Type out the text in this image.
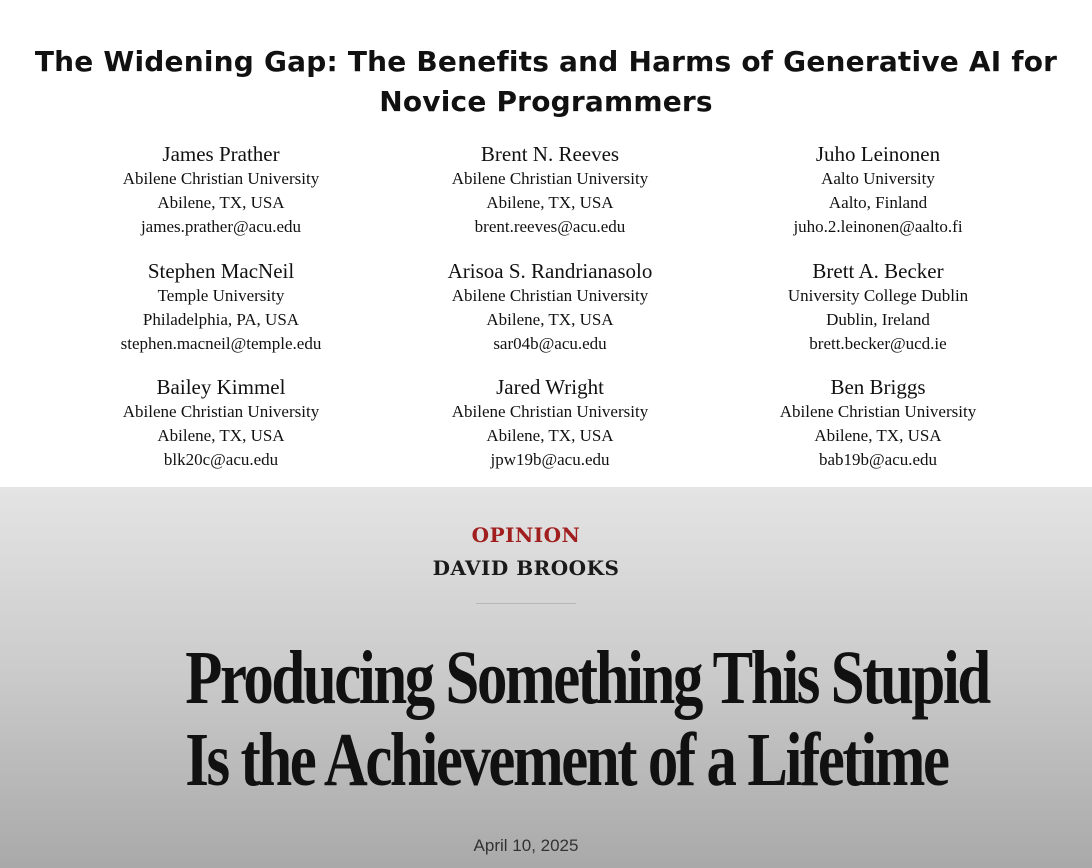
The Widening Gap: The Benefits and Harms of Generative AI for
Novice Programmers
James Prather
Abilene Christian University
Abilene, TX, USA
james.prather@acu.edu
Brent N. Reeves
Abilene Christian University
Abilene, TX, USA
brent.reeves@acu.edu
Juho Leinonen
Aalto University
Aalto, Finland
juho.2.leinonen@aalto.fi
Stephen MacNeil
Temple University
Philadelphia, PA, USA
stephen.macneil@temple.edu
Arisoa S. Randrianasolo
Abilene Christian University
Abilene, TX, USA
sar04b@acu.edu
Brett A. Becker
University College Dublin
Dublin, Ireland
brett.becker@ucd.ie
Bailey Kimmel
Abilene Christian University
Abilene, TX, USA
blk20c@acu.edu
Jared Wright
Abilene Christian University
Abilene, TX, USA
jpw19b@acu.edu
Ben Briggs
Abilene Christian University
Abilene, TX, USA
bab19b@acu.edu
OPINION
DAVID BROOKS
Producing Something This Stupid
Is the Achievement of a Lifetime
April 10, 2025
